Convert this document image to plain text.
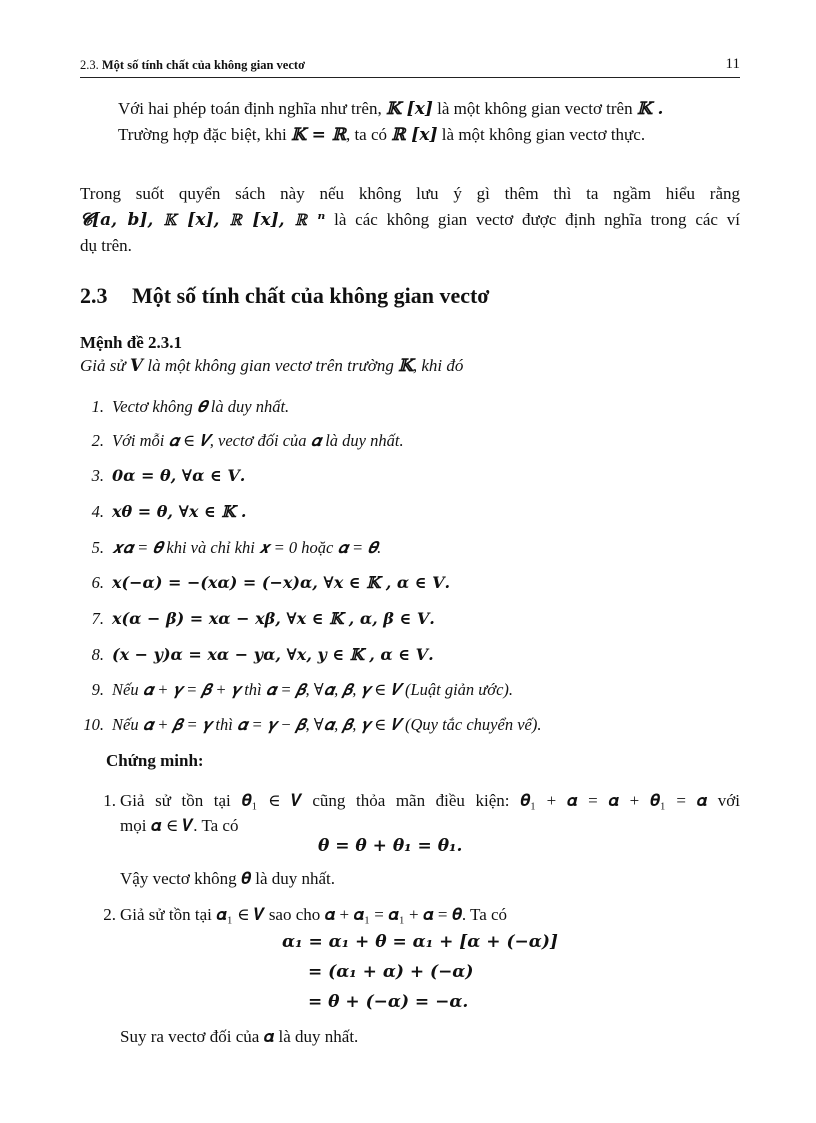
2.3. Một số tính chất của không gian vectơ	11
Với hai phép toán định nghĩa như trên, 𝕂 [𝒙] là một không gian vectơ trên 𝕂 .
Trường hợp đặc biệt, khi 𝕂 = ℝ, ta có ℝ [𝒙] là một không gian vectơ thực.
Trong suốt quyển sách này nếu không lưu ý gì thêm thì ta ngầm hiểu rằng
𝓒[𝒂, 𝒃], 𝕂 [𝒙], ℝ [𝒙], ℝ ⁿ là các không gian vectơ được định nghĩa trong các ví
dụ trên.
2.3 Một số tính chất của không gian vectơ
Mệnh đề 2.3.1
Giả sử 𝑽 là một không gian vectơ trên trường 𝕂, khi đó
1. Vectơ không 𝜽 là duy nhất.
2. Với mỗi 𝜶 ∈ 𝑽, vectơ đối của 𝜶 là duy nhất.
3. 0𝜶 = 𝜽, ∀𝜶 ∈ 𝑽.
4. 𝒙𝜽 = 𝜽, ∀𝒙 ∈ 𝕂 .
5. 𝒙𝜶 = 𝜽 khi và chỉ khi 𝒙 = 0 hoặc 𝜶 = 𝜽.
6. 𝒙(−𝜶) = −(𝒙𝜶) = (−𝒙)𝜶, ∀𝒙 ∈ 𝕂 , 𝜶 ∈ 𝑽.
7. 𝒙(𝜶 − 𝜷) = 𝒙𝜶 − 𝒙𝜷, ∀𝒙 ∈ 𝕂 , 𝜶, 𝜷 ∈ 𝑽.
8. (𝒙 − 𝒚)𝜶 = 𝒙𝜶 − 𝒚𝜶, ∀𝒙, 𝒚 ∈ 𝕂 , 𝜶 ∈ 𝑽.
9. Nếu 𝜶 + 𝜸 = 𝜷 + 𝜸 thì 𝜶 = 𝜷, ∀𝜶, 𝜷, 𝜸 ∈ 𝑽 (Luật giản ước).
10. Nếu 𝜶 + 𝜷 = 𝜸 thì 𝜶 = 𝜸 − 𝜷, ∀𝜶, 𝜷, 𝜸 ∈ 𝑽 (Quy tắc chuyển vế).
Chứng minh:
1. Giả sử tồn tại 𝜽₁ ∈ 𝑽 cũng thỏa mãn điều kiện: 𝜽₁ + 𝜶 = 𝜶 + 𝜽₁ = 𝜶 với
mọi 𝜶 ∈ 𝑽. Ta có
𝜽 = 𝜽 + 𝜽₁ = 𝜽₁.
Vậy vectơ không 𝜽 là duy nhất.
2. Giả sử tồn tại 𝜶₁ ∈ 𝑽 sao cho 𝜶 + 𝜶₁ = 𝜶₁ + 𝜶 = 𝜽. Ta có
𝜶₁ = 𝜶₁ + 𝜽 = 𝜶₁ + [𝜶 + (−𝜶)]
= (𝜶₁ + 𝜶) + (−𝜶)
= 𝜽 + (−𝜶) = −𝜶.
Suy ra vectơ đối của 𝜶 là duy nhất.
